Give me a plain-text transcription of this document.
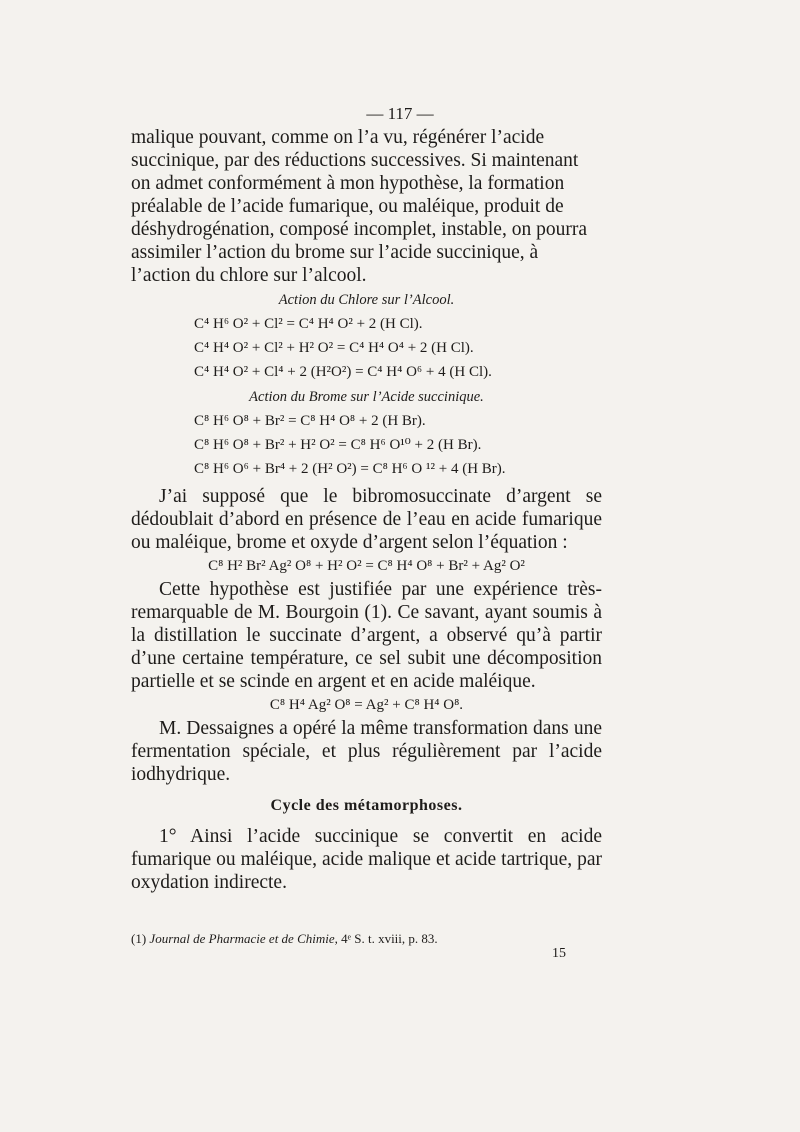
— 117 —

malique pouvant, comme on l’a vu, régénérer l’acide succinique, par des réductions successives. Si maintenant on admet conformément à mon hypothèse, la formation préalable de l’acide fumarique, ou maléique, produit de déshydrogénation, composé incomplet, instable, on pourra assimiler l’action du brome sur l’acide succinique, à l’action du chlore sur l’alcool.

Action du Chlore sur l’Alcool.
C⁴ H⁶ O² + Cl² = C⁴ H⁴ O² + 2 (H Cl).
C⁴ H⁴ O² + Cl² + H² O² = C⁴ H⁴ O⁴ + 2 (H Cl).
C⁴ H⁴ O² + Cl⁴ + 2 (H²O²) = C⁴ H⁴ O⁶ + 4 (H Cl).
Action du Brome sur l’Acide succinique.
C⁸ H⁶ O⁸ + Br² = C⁸ H⁴ O⁸ + 2 (H Br).
C⁸ H⁶ O⁸ + Br² + H² O² = C⁸ H⁶ O¹⁰ + 2 (H Br).
C⁸ H⁶ O⁶ + Br⁴ + 2 (H² O²) = C⁸ H⁶ O ¹² + 4 (H Br).

J’ai supposé que le bibromosuccinate d’argent se dédoublait d’abord en présence de l’eau en acide fumarique ou maléique, brome et oxyde d’argent selon l’équation :

C⁸ H² Br² Ag² O⁸ + H² O² = C⁸ H⁴ O⁸ + Br² + Ag² O²

Cette hypothèse est justifiée par une expérience très-remarquable de M. Bourgoin (1). Ce savant, ayant soumis à la distillation le succinate d’argent, a observé qu’à partir d’une certaine température, ce sel subit une décomposition partielle et se scinde en argent et en acide maléique.

C⁸ H⁴ Ag² O⁸ = Ag² + C⁸ H⁴ O⁸.

M. Dessaignes a opéré la même transformation dans une fermentation spéciale, et plus régulièrement par l’acide iodhydrique.

Cycle des métamorphoses.

1° Ainsi l’acide succinique se convertit en acide fumarique ou maléique, acide malique et acide tartrique, par oxydation indirecte.

(1) Journal de Pharmacie et de Chimie, 4ᵉ S. t. xviii, p. 83.
15
